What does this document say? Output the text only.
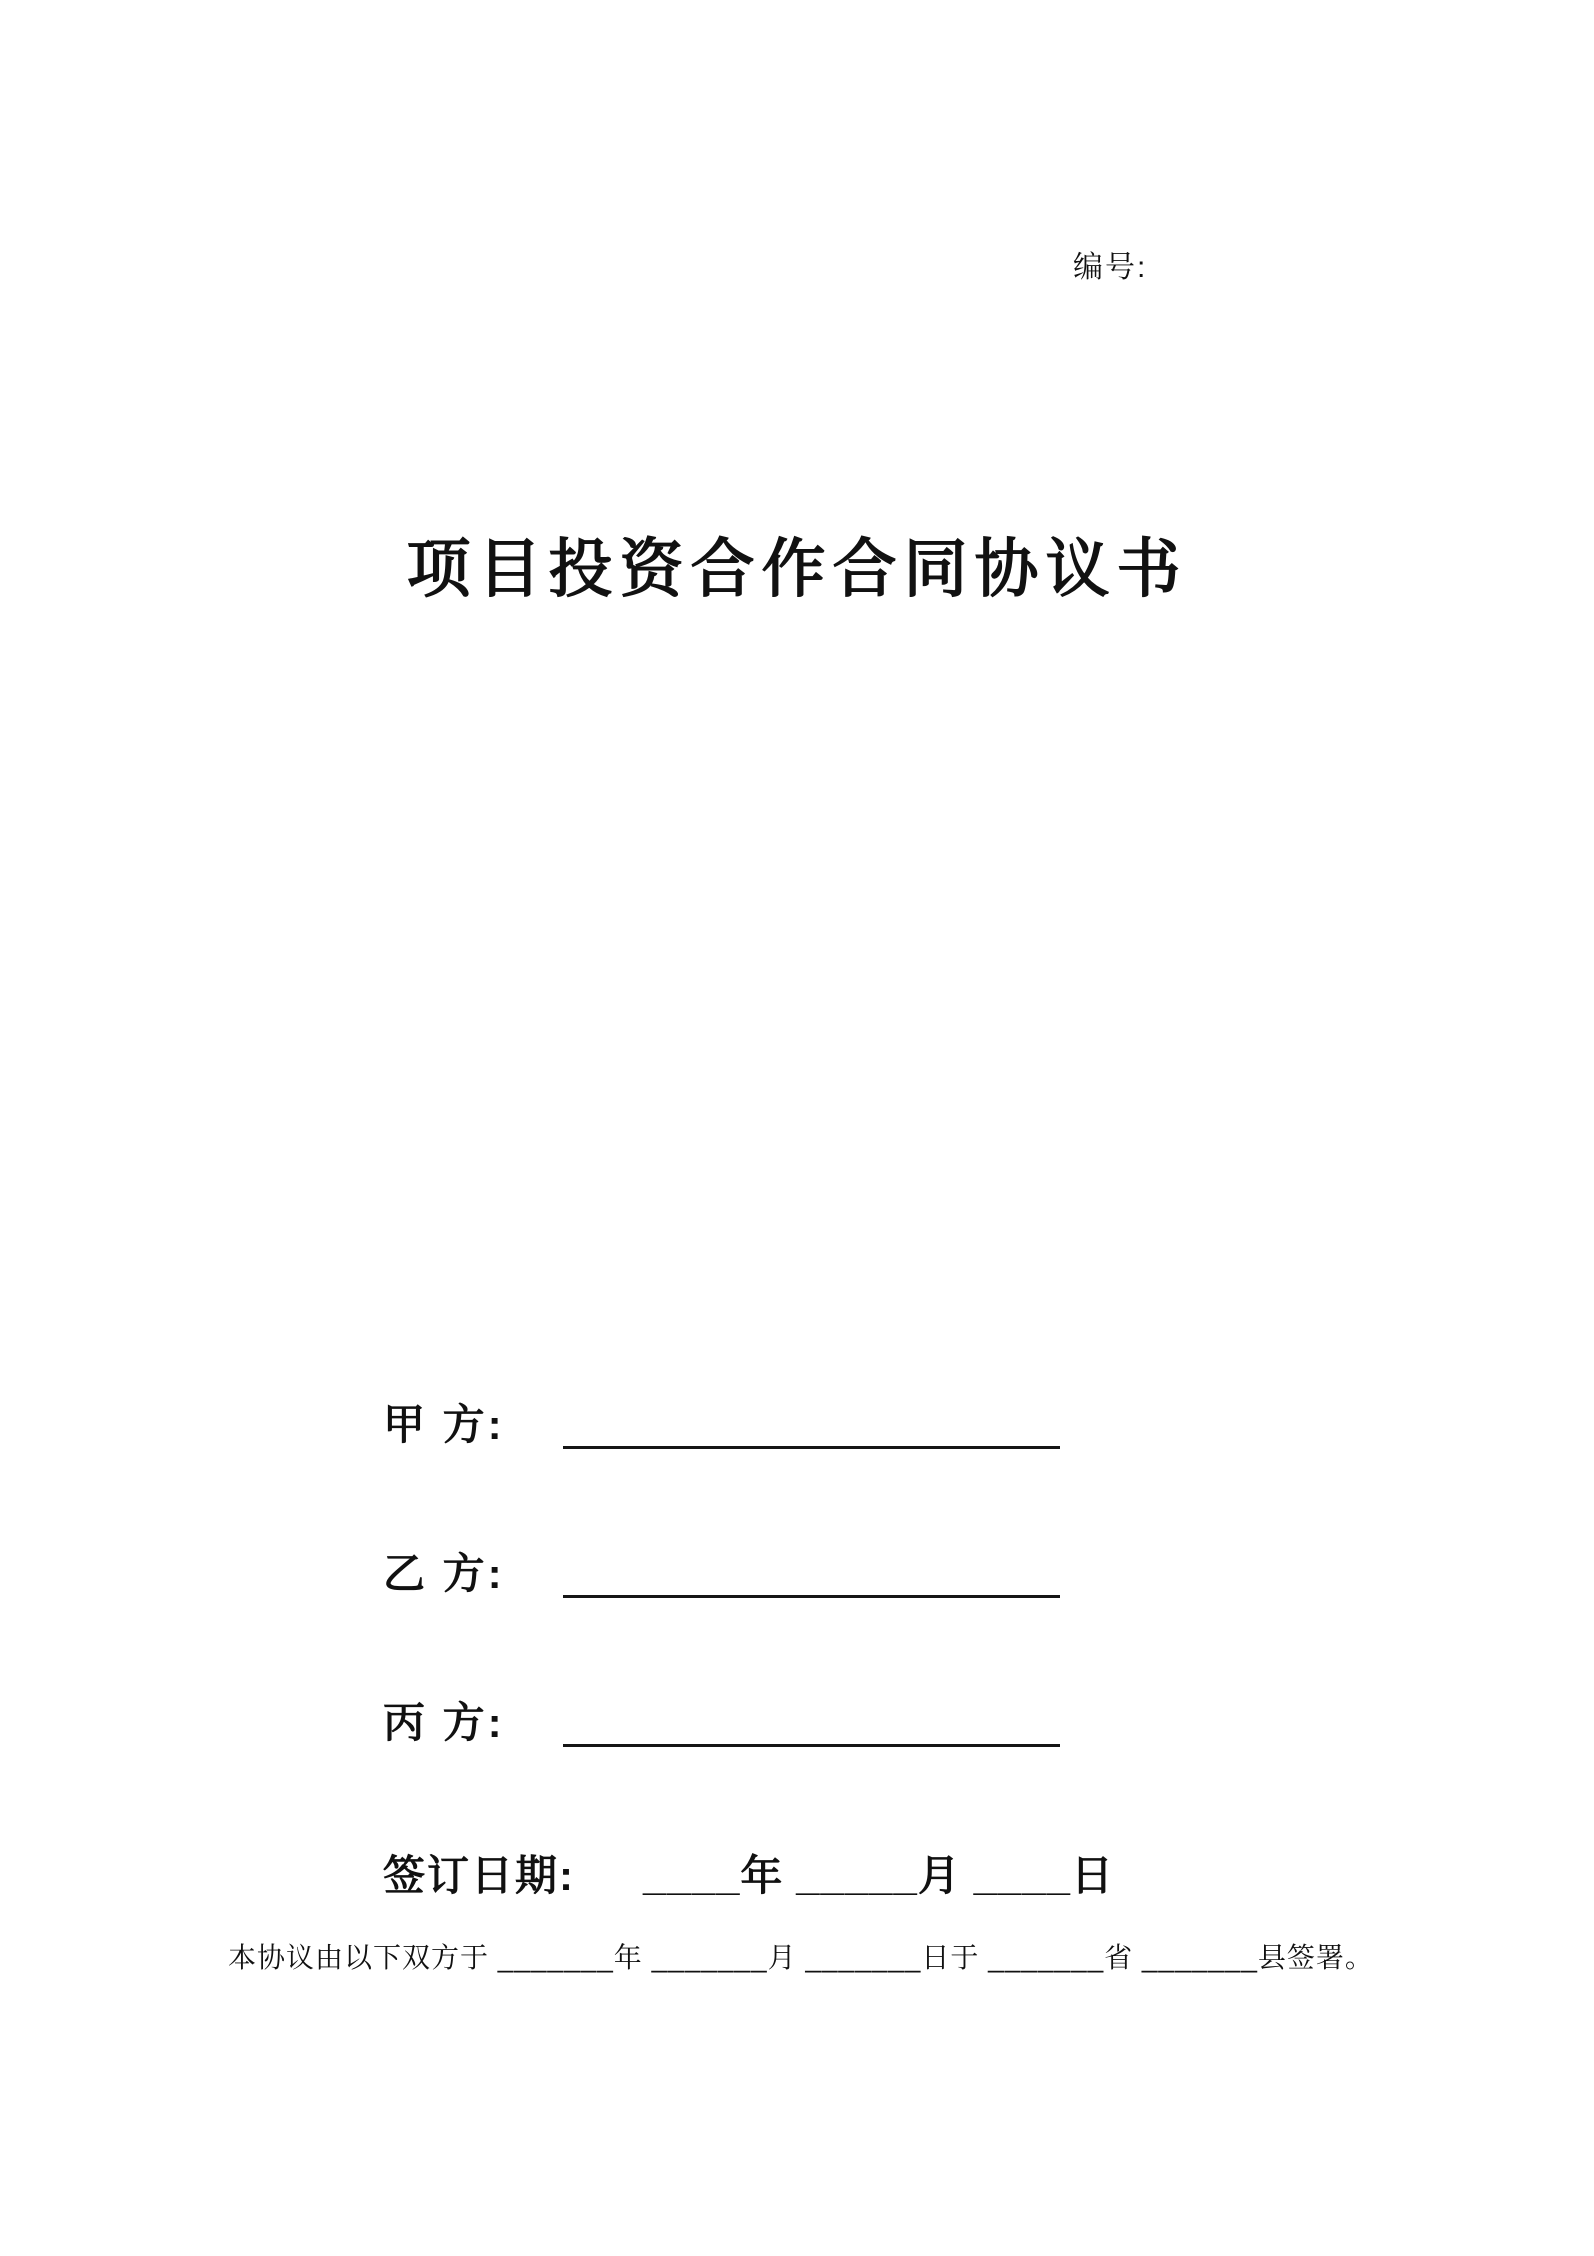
编号:
项目投资合作合同协议书
甲 方:
乙 方:
丙 方:
签订日期: ____年 _____月 ____日
本协议由以下双方于 _______年 _______月 _______日于 _______省 _______县签署。
